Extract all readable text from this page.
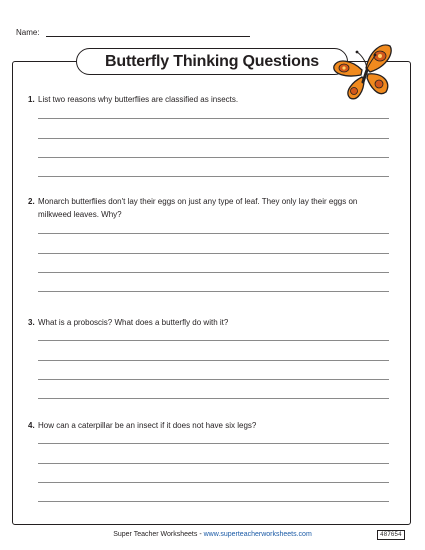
Name:
Butterfly Thinking Questions
1. List two reasons why butterflies are classified as insects.
2. Monarch butterflies don't lay their eggs on just any type of leaf. They only lay their eggs on milkweed leaves. Why?
3. What is a proboscis? What does a butterfly do with it?
4. How can a caterpillar be an insect if it does not have six legs?
Super Teacher Worksheets - www.superteacherworksheets.com	487654
